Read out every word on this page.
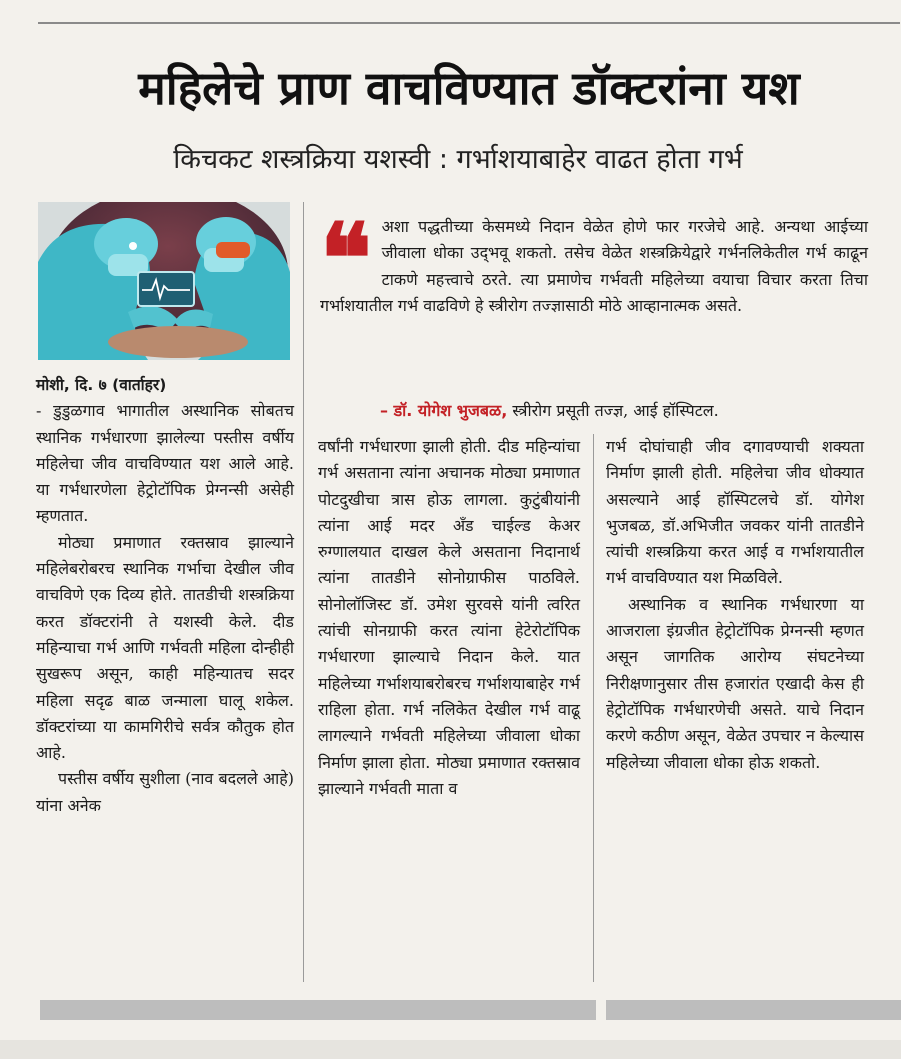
महिलेचे प्राण वाचविण्यात डॉक्टरांना यश
किचकट शस्त्रक्रिया यशस्वी : गर्भाशयाबाहेर वाढत होता गर्भ
❝ अशा पद्धतीच्या केसमध्ये निदान वेळेत होणे फार गरजेचे आहे. अन्यथा आईच्या जीवाला धोका उद्‌भवू शकतो. तसेच वेळेत शस्त्रक्रियेद्वारे गर्भनलिकेतील गर्भ काढून टाकणे महत्त्वाचे ठरते. त्या प्रमाणेच गर्भवती महिलेच्या वयाचा विचार करता तिचा गर्भाशयातील गर्भ वाढविणे हे स्त्रीरोग तज्ज्ञासाठी मोठे आव्हानात्मक असते.

– डॉ. योगेश भुजबळ, स्त्रीरोग प्रसूती तज्ज्ञ, आई हॉस्पिटल.

मोशी, दि. ७ (वार्ताहर)

- डुडुळगाव भागातील अस्थानिक सोबतच स्थानिक गर्भधारणा झालेल्या पस्तीस वर्षीय महिलेचा जीव वाचविण्यात यश आले आहे. या गर्भधारणेला हेट्रोटॉपिक प्रेग्नन्सी असेही म्हणतात.

मोठ्या प्रमाणात रक्तस्राव झाल्याने महिलेबरोबरच स्थानिक गर्भाचा देखील जीव वाचविणे एक दिव्य होते. तातडीची शस्त्रक्रिया करत डॉक्टरांनी ते यशस्वी केले. दीड महिन्याचा गर्भ आणि गर्भवती महिला दोन्हीही सुखरूप असून, काही महिन्यातच सदर महिला सदृढ बाळ जन्माला घालू शकेल. डॉक्टरांच्या या कामगिरीचे सर्वत्र कौतुक होत आहे.

पस्तीस वर्षीय सुशीला (नाव बदलले आहे) यांना अनेक

वर्षांनी गर्भधारणा झाली होती. दीड महिन्यांचा गर्भ असताना त्यांना अचानक मोठ्या प्रमाणात पोटदुखीचा त्रास होऊ लागला. कुटुंबीयांनी त्यांना आई मदर अँड चाईल्ड केअर रुग्णालयात दाखल केले असताना निदानार्थ त्यांना तातडीने सोनोग्राफीस पाठविले. सोनोलॉजिस्ट डॉ. उमेश सुरवसे यांनी त्वरित त्यांची सोनग्राफी करत त्यांना हेटेरोटॉपिक गर्भधारणा झाल्याचे निदान केले. यात महिलेच्या गर्भाशयाबरोबरच गर्भाशयाबाहेर गर्भ राहिला होता. गर्भ नलिकेत देखील गर्भ वाढू लागल्याने गर्भवती महिलेच्या जीवाला धोका निर्माण झाला होता. मोठ्या प्रमाणात रक्तस्राव झाल्याने गर्भवती माता व

गर्भ दोघांचाही जीव दगावण्याची शक्यता निर्माण झाली होती. महिलेचा जीव धोक्यात असल्याने आई हॉस्पिटलचे डॉ. योगेश भुजबळ, डॉ.अभिजीत जवकर यांनी तातडीने त्यांची शस्त्रक्रिया करत आई व गर्भाशयातील गर्भ वाचविण्यात यश मिळविले.

अस्थानिक व स्थानिक गर्भधारणा या आजराला इंग्रजीत हेट्रोटॉपिक प्रेग्नन्सी म्हणत असून जागतिक आरोग्य संघटनेच्या निरीक्षणानुसार तीस हजारांत एखादी केस ही हेट्रोटॉपिक गर्भधारणेची असते. याचे निदान करणे कठीण असून, वेळेत उपचार न केल्यास महिलेच्या जीवाला धोका होऊ शकतो.
